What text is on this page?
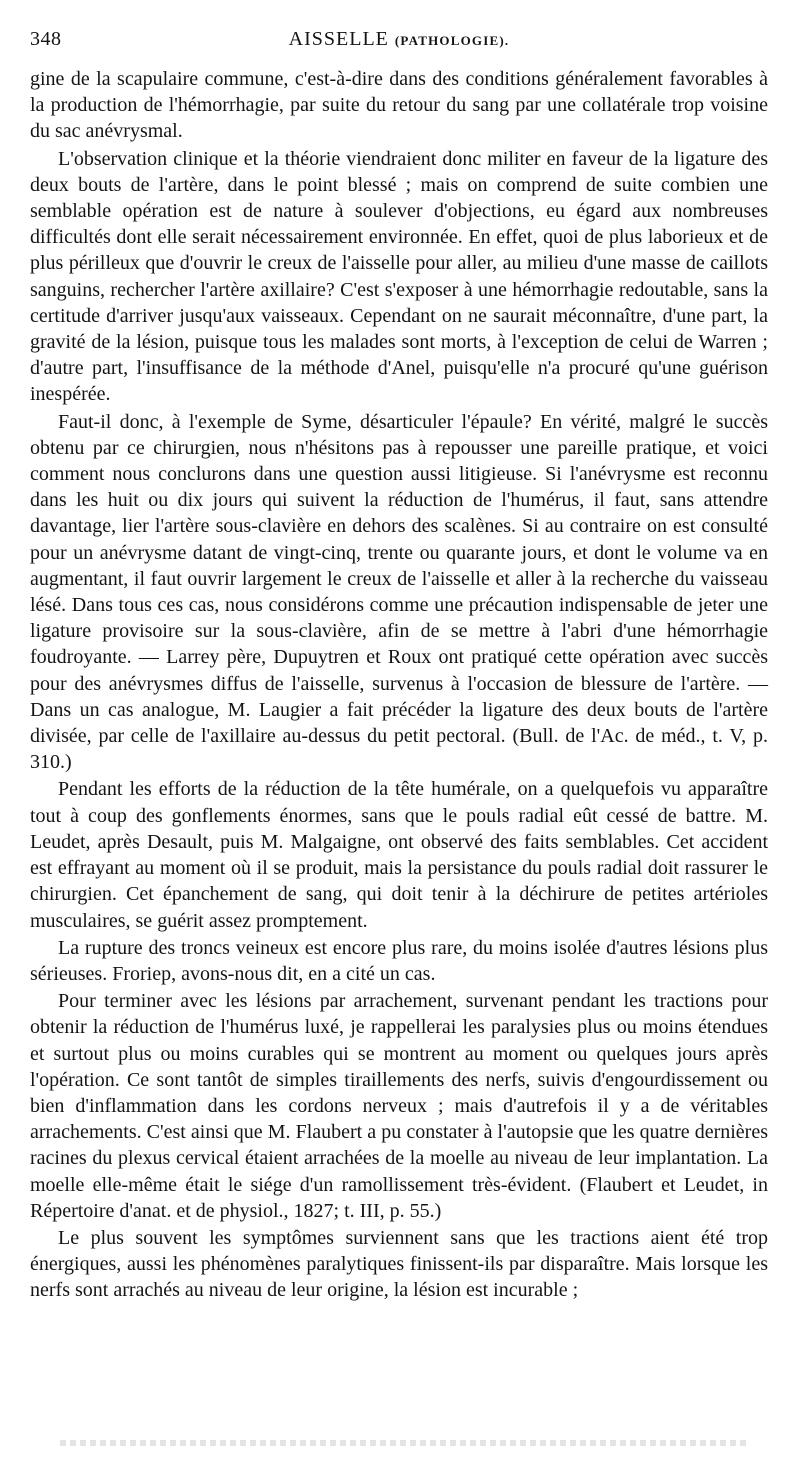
348	AISSELLE (PATHOLOGIE).

gine de la scapulaire commune, c'est-à-dire dans des conditions généralement favorables à la production de l'hémorrhagie, par suite du retour du sang par une collatérale trop voisine du sac anévrysmal.

L'observation clinique et la théorie viendraient donc militer en faveur de la ligature des deux bouts de l'artère, dans le point blessé ; mais on comprend de suite combien une semblable opération est de nature à soulever d'objections, eu égard aux nombreuses difficultés dont elle serait nécessairement environnée. En effet, quoi de plus laborieux et de plus périlleux que d'ouvrir le creux de l'aisselle pour aller, au milieu d'une masse de caillots sanguins, rechercher l'artère axillaire? C'est s'exposer à une hémorrhagie redoutable, sans la certitude d'arriver jusqu'aux vaisseaux. Cependant on ne saurait méconnaître, d'une part, la gravité de la lésion, puisque tous les malades sont morts, à l'exception de celui de Warren ; d'autre part, l'insuffisance de la méthode d'Anel, puisqu'elle n'a procuré qu'une guérison inespérée.

Faut-il donc, à l'exemple de Syme, désarticuler l'épaule? En vérité, malgré le succès obtenu par ce chirurgien, nous n'hésitons pas à repousser une pareille pratique, et voici comment nous conclurons dans une question aussi litigieuse. Si l'anévrysme est reconnu dans les huit ou dix jours qui suivent la réduction de l'humérus, il faut, sans attendre davantage, lier l'artère sous-clavière en dehors des scalènes. Si au contraire on est consulté pour un anévrysme datant de vingt-cinq, trente ou quarante jours, et dont le volume va en augmentant, il faut ouvrir largement le creux de l'aisselle et aller à la recherche du vaisseau lésé. Dans tous ces cas, nous considérons comme une précaution indispensable de jeter une ligature provisoire sur la sous-clavière, afin de se mettre à l'abri d'une hémorrhagie foudroyante. — Larrey père, Dupuytren et Roux ont pratiqué cette opération avec succès pour des anévrysmes diffus de l'aisselle, survenus à l'occasion de blessure de l'artère. — Dans un cas analogue, M. Laugier a fait précéder la ligature des deux bouts de l'artère divisée, par celle de l'axillaire au-dessus du petit pectoral. (Bull. de l'Ac. de méd., t. V, p. 310.)

Pendant les efforts de la réduction de la tête humérale, on a quelquefois vu apparaître tout à coup des gonflements énormes, sans que le pouls radial eût cessé de battre. M. Leudet, après Desault, puis M. Malgaigne, ont observé des faits semblables. Cet accident est effrayant au moment où il se produit, mais la persistance du pouls radial doit rassurer le chirurgien. Cet épanchement de sang, qui doit tenir à la déchirure de petites artérioles musculaires, se guérit assez promptement.

La rupture des troncs veineux est encore plus rare, du moins isolée d'autres lésions plus sérieuses. Froriep, avons-nous dit, en a cité un cas.

Pour terminer avec les lésions par arrachement, survenant pendant les tractions pour obtenir la réduction de l'humérus luxé, je rappellerai les paralysies plus ou moins étendues et surtout plus ou moins curables qui se montrent au moment ou quelques jours après l'opération. Ce sont tantôt de simples tiraillements des nerfs, suivis d'engourdissement ou bien d'inflammation dans les cordons nerveux ; mais d'autrefois il y a de véritables arrachements. C'est ainsi que M. Flaubert a pu constater à l'autopsie que les quatre dernières racines du plexus cervical étaient arrachées de la moelle au niveau de leur implantation. La moelle elle-même était le siége d'un ramollissement très-évident. (Flaubert et Leudet, in Répertoire d'anat. et de physiol., 1827; t. III, p. 55.)

Le plus souvent les symptômes surviennent sans que les tractions aient été trop énergiques, aussi les phénomènes paralytiques finissent-ils par disparaître. Mais lorsque les nerfs sont arrachés au niveau de leur origine, la lésion est incurable ;
